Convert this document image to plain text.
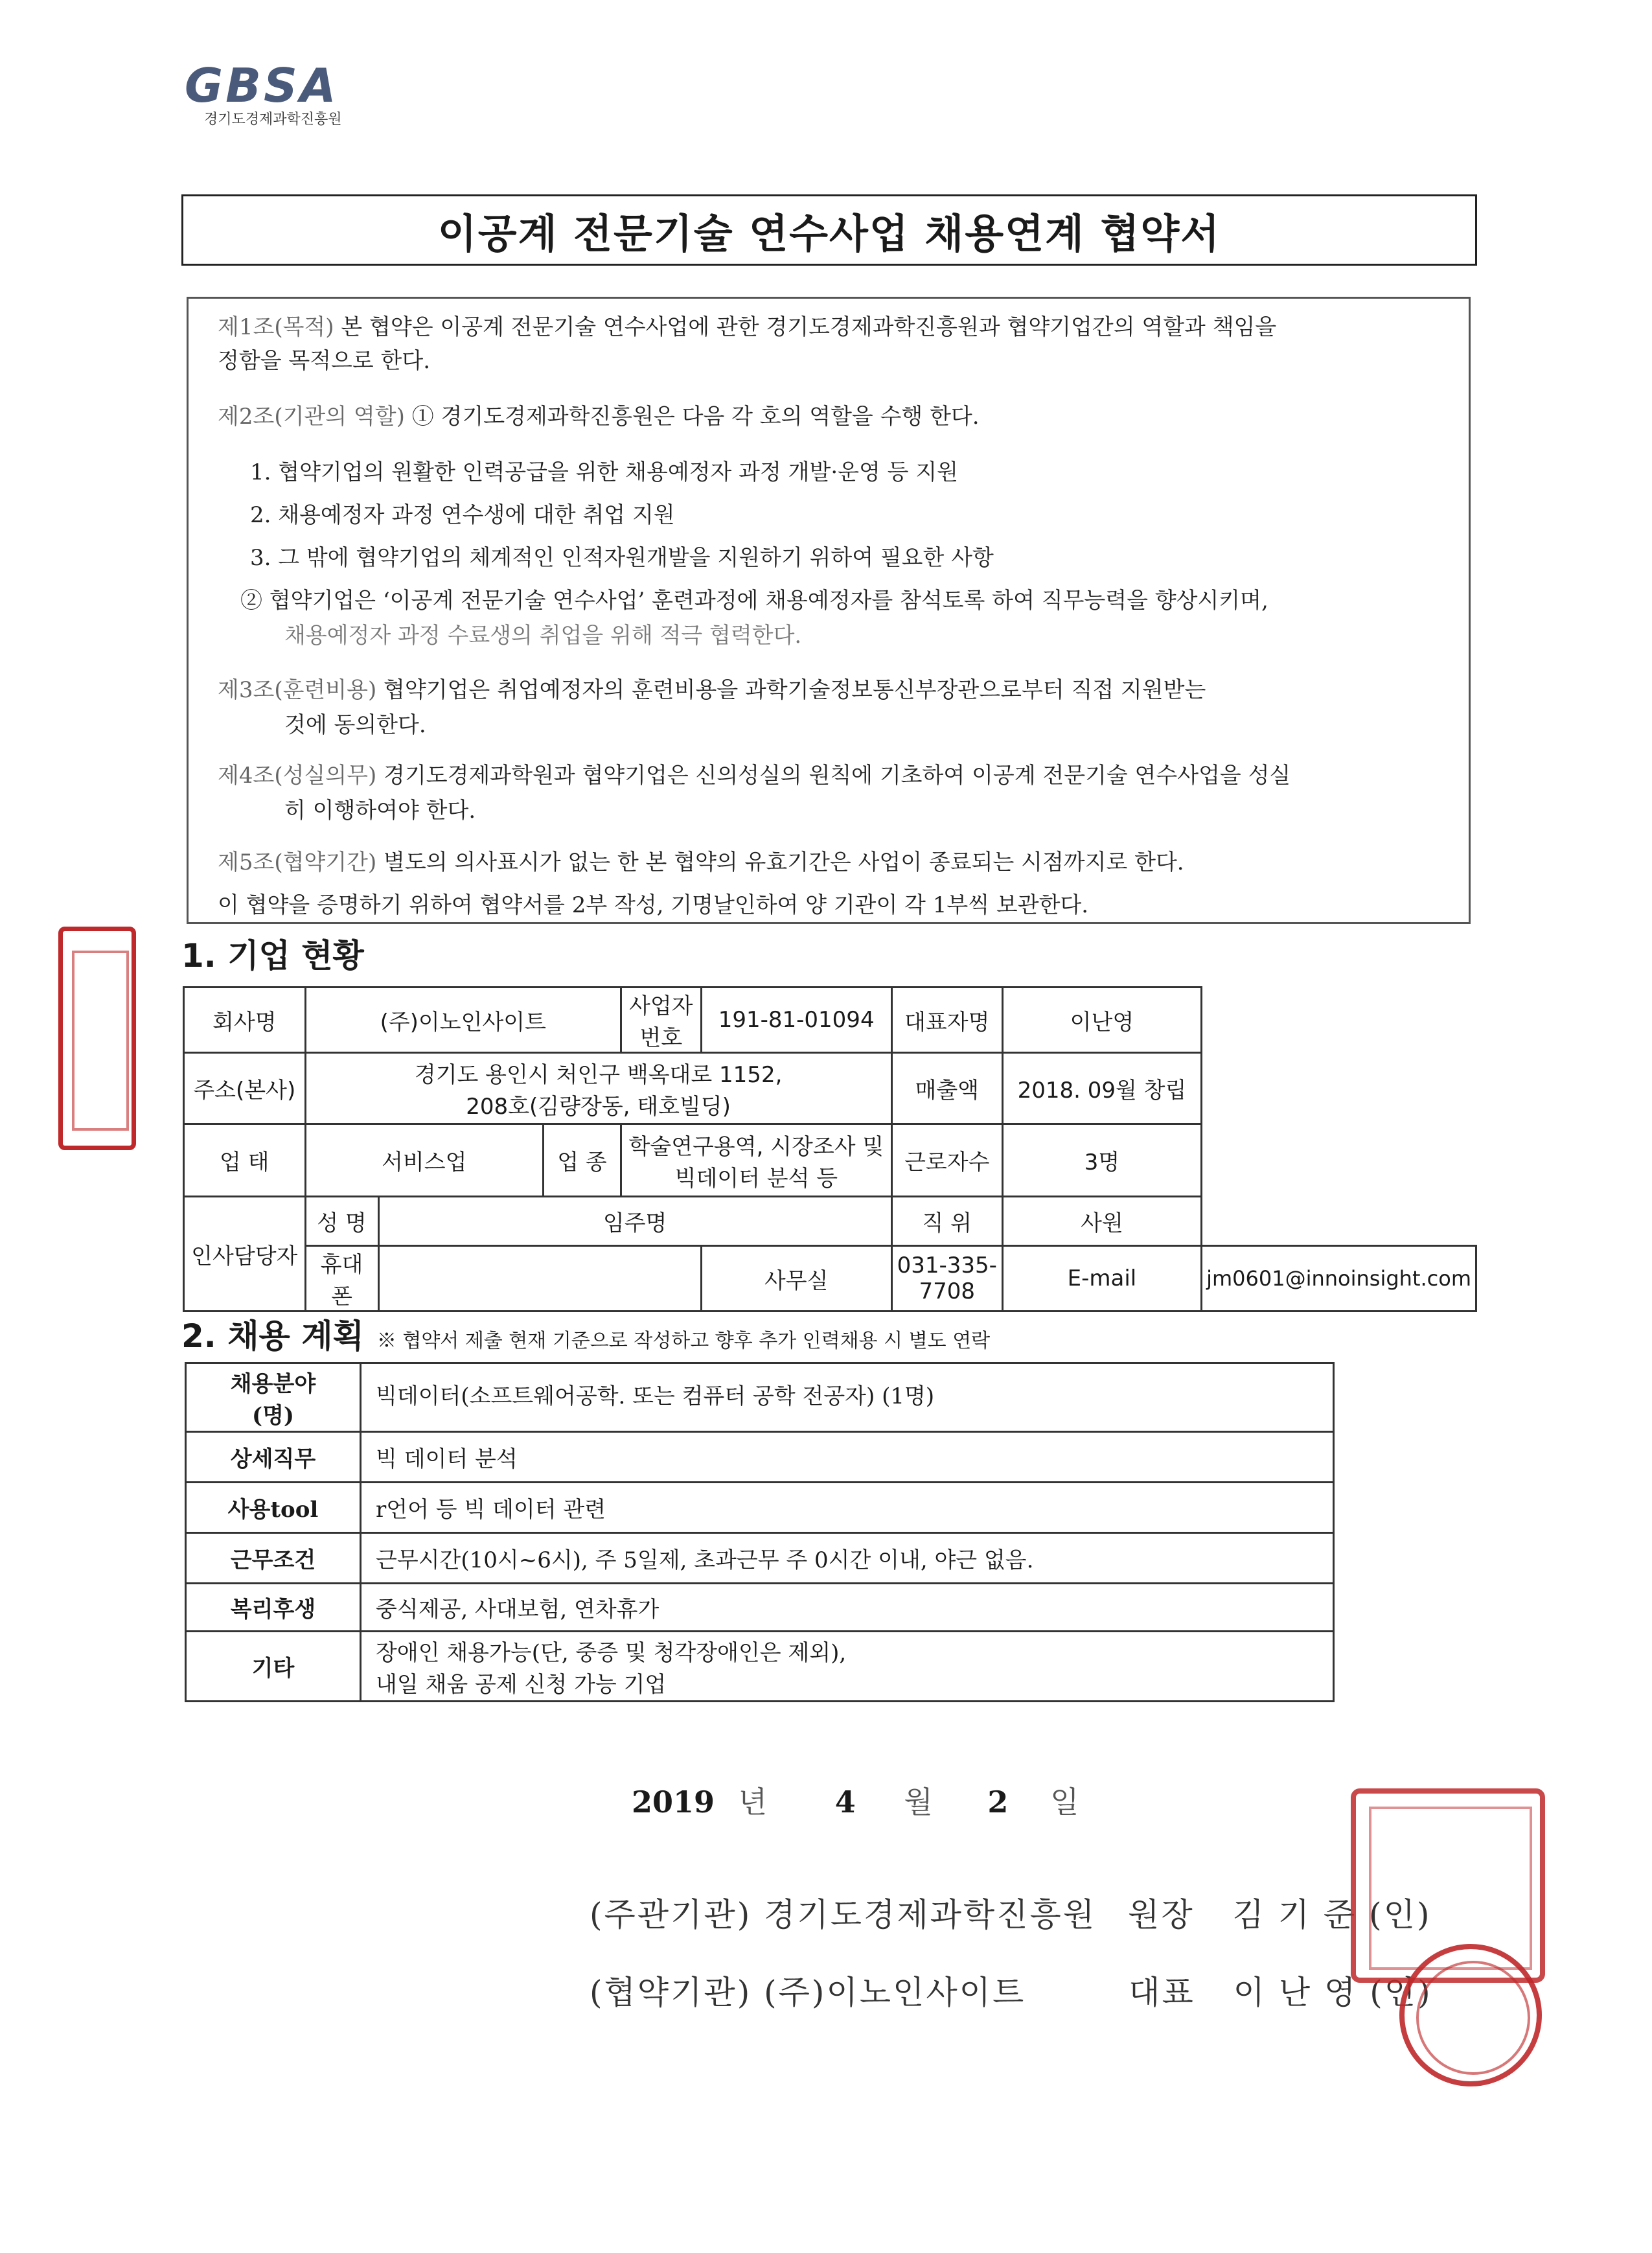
GBSA
경기도경제과학진흥원
이공계 전문기술 연수사업 채용연계 협약서
제1조(목적) 본 협약은 이공계 전문기술 연수사업에 관한 경기도경제과학진흥원과 협약기업간의 역할과 책임을
정함을 목적으로 한다.
제2조(기관의 역할) ① 경기도경제과학진흥원은 다음 각 호의 역할을 수행 한다.
1. 협약기업의 원활한 인력공급을 위한 채용예정자 과정 개발·운영 등 지원
2. 채용예정자 과정 연수생에 대한 취업 지원
3. 그 밖에 협약기업의 체계적인 인적자원개발을 지원하기 위하여 필요한 사항
② 협약기업은 ‘이공계 전문기술 연수사업’ 훈련과정에 채용예정자를 참석토록 하여 직무능력을 향상시키며,
채용예정자 과정 수료생의 취업을 위해 적극 협력한다.
제3조(훈련비용) 협약기업은 취업예정자의 훈련비용을 과학기술정보통신부장관으로부터 직접 지원받는
것에 동의한다.
제4조(성실의무) 경기도경제과학원과 협약기업은 신의성실의 원칙에 기초하여 이공계 전문기술 연수사업을 성실
히 이행하여야 한다.
제5조(협약기간) 별도의 의사표시가 없는 한 본 협약의 유효기간은 사업이 종료되는 시점까지로 한다.
이 협약을 증명하기 위하여 협약서를 2부 작성, 기명날인하여 양 기관이 각 1부씩 보관한다.
1. 기업 현황
회사명	(주)이노인사이트			사업자번호	191-81-01094	대표자명	이난영	
주소(본사)	경기도 용인시 처인구 백옥대로 1152,
208호(김량장동, 태호빌딩)					매출액	2018. 09월 창립	
업 태	서비스업		업 종	학술연구용역, 시장조사 및
빅데이터 분석 등		근로자수	3명	
인사담당자	성 명	임주명				직 위	사원	
	휴대폰				사무실	031-335-7708	E-mail	jm0601@innoinsight.com
2. 채용 계획 ※ 협약서 제출 현재 기준으로 작성하고 향후 추가 인력채용 시 별도 연락
채용분야
(명)	빅데이터(소프트웨어공학. 또는 컴퓨터 공학 전공자) (1명)
상세직무	빅 데이터 분석
사용tool	r언어 등 빅 데이터 관련
근무조건	근무시간(10시~6시), 주 5일제, 초과근무 주 0시간 이내, 야근 없음.
복리후생	중식제공, 사대보험, 연차휴가
기타	장애인 채용가능(단, 중증 및 청각장애인은 제외),
내일 채움 공제 신청 가능 기업
2019 년 4 월 2 일
(주관기관) 경기도경제과학진흥원 원장 김 기 준 (인)
(협약기관) (주)이노인사이트	대표 이 난 영 (인)
